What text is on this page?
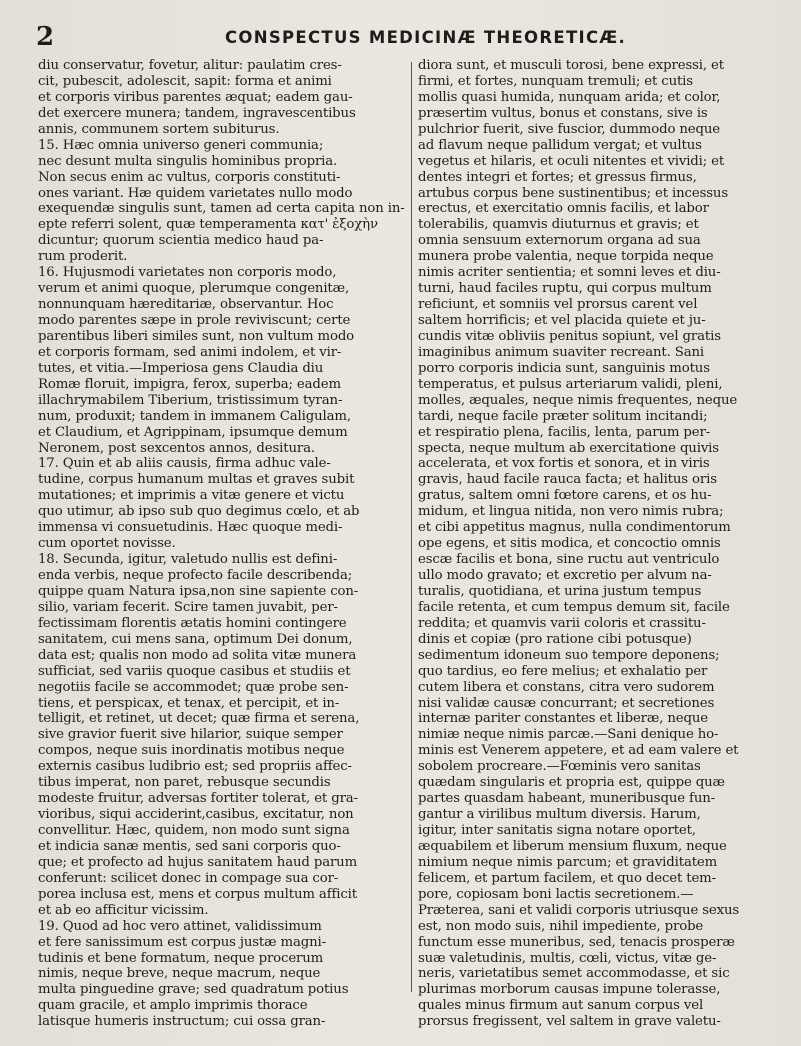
2	CONSPECTUS MEDICINÆ THEORETICÆ.
diu conservatur, fovetur, alitur: paulatim cres-
cit, pubescit, adolescit, sapit: forma et animi
et corporis viribus parentes æquat; eadem gau-
det exercere munera; tandem, ingravescentibus
annis, communem sortem subiturus.
15. Hæc omnia universo generi communia;
nec desunt multa singulis hominibus propria.
Non secus enim ac vultus, corporis constituti-
ones variant. Hæ quidem varietates nullo modo
exequendæ singulis sunt, tamen ad certa capita non in-
epte referri solent, quæ temperamenta κατ' ἐξοχὴν
dicuntur; quorum scientia medico haud pa-
rum proderit.
16. Hujusmodi varietates non corporis modo,
verum et animi quoque, plerumque congenitæ,
nonnunquam hæreditariæ, observantur. Hoc
modo parentes sæpe in prole reviviscunt; certe
parentibus liberi similes sunt, non vultum modo
et corporis formam, sed animi indolem, et vir-
tutes, et vitia.—Imperiosa gens Claudia diu
Romæ floruit, impigra, ferox, superba; eadem
illachrymabilem Tiberium, tristissimum tyran-
num, produxit; tandem in immanem Caligulam,
et Claudium, et Agrippinam, ipsumque demum
Neronem, post sexcentos annos, desitura.
17. Quin et ab aliis causis, firma adhuc vale-
tudine, corpus humanum multas et graves subit
mutationes; et imprimis a vitæ genere et victu
quo utimur, ab ipso sub quo degimus cœlo, et ab
immensa vi consuetudinis. Hæc quoque medi-
cum oportet novisse.
18. Secunda, igitur, valetudo nullis est defini-
enda verbis, neque profecto facile describenda;
quippe quam Natura ipsa,non sine sapiente con-
silio, variam fecerit. Scire tamen juvabit, per-
fectissimam florentis ætatis homini contingere
sanitatem, cui mens sana, optimum Dei donum,
data est; qualis non modo ad solita vitæ munera
sufficiat, sed variis quoque casibus et studiis et
negotiis facile se accommodet; quæ probe sen-
tiens, et perspicax, et tenax, et percipit, et in-
telligit, et retinet, ut decet; quæ firma et serena,
sive gravior fuerit sive hilarior, suique semper
compos, neque suis inordinatis motibus neque
externis casibus ludibrio est; sed propriis affec-
tibus imperat, non paret, rebusque secundis
modeste fruitur, adversas fortiter tolerat, et gra-
vioribus, siqui acciderint,casibus, excitatur, non
convellitur. Hæc, quidem, non modo sunt signa
et indicia sanæ mentis, sed sani corporis quo-
que; et profecto ad hujus sanitatem haud parum
conferunt: scilicet donec in compage sua cor-
porea inclusa est, mens et corpus multum afficit
et ab eo afficitur vicissim.
19. Quod ad hoc vero attinet, validissimum
et fere sanissimum est corpus justæ magni-
tudinis et bene formatum, neque procerum
nimis, neque breve, neque macrum, neque
multa pinguedine grave; sed quadratum potius
quam gracile, et amplo imprimis thorace
latisque humeris instructum; cui ossa gran-
diora sunt, et musculi torosi, bene expressi, et
firmi, et fortes, nunquam tremuli; et cutis
mollis quasi humida, nunquam arida; et color,
præsertim vultus, bonus et constans, sive is
pulchrior fuerit, sive fuscior, dummodo neque
ad flavum neque pallidum vergat; et vultus
vegetus et hilaris, et oculi nitentes et vividi; et
dentes integri et fortes; et gressus firmus,
artubus corpus bene sustinentibus; et incessus
erectus, et exercitatio omnis facilis, et labor
tolerabilis, quamvis diuturnus et gravis; et
omnia sensuum externorum organa ad sua
munera probe valentia, neque torpida neque
nimis acriter sentientia; et somni leves et diu-
turni, haud faciles ruptu, qui corpus multum
reficiunt, et somniis vel prorsus carent vel
saltem horrificis; et vel placida quiete et ju-
cundis vitæ obliviis penitus sopiunt, vel gratis
imaginibus animum suaviter recreant. Sani
porro corporis indicia sunt, sanguinis motus
temperatus, et pulsus arteriarum validi, pleni,
molles, æquales, neque nimis frequentes, neque
tardi, neque facile præter solitum incitandi;
et respiratio plena, facilis, lenta, parum per-
specta, neque multum ab exercitatione quivis
accelerata, et vox fortis et sonora, et in viris
gravis, haud facile rauca facta; et halitus oris
gratus, saltem omni fœtore carens, et os hu-
midum, et lingua nitida, non vero nimis rubra;
et cibi appetitus magnus, nulla condimentorum
ope egens, et sitis modica, et concoctio omnis
escæ facilis et bona, sine ructu aut ventriculo
ullo modo gravato; et excretio per alvum na-
turalis, quotidiana, et urina justum tempus
facile retenta, et cum tempus demum sit, facile
reddita; et quamvis varii coloris et crassitu-
dinis et copiæ (pro ratione cibi potusque)
sedimentum idoneum suo tempore deponens;
quo tardius, eo fere melius; et exhalatio per
cutem libera et constans, citra vero sudorem
nisi validæ causæ concurrant; et secretiones
internæ pariter constantes et liberæ, neque
nimiæ neque nimis parcæ.—Sani denique ho-
minis est Venerem appetere, et ad eam valere et
sobolem procreare.—Fœminis vero sanitas
quædam singularis et propria est, quippe quæ
partes quasdam habeant, muneribusque fun-
gantur a virilibus multum diversis. Harum,
igitur, inter sanitatis signa notare oportet,
æquabilem et liberum mensium fluxum, neque
nimium neque nimis parcum; et graviditatem
felicem, et partum facilem, et quo decet tem-
pore, copiosam boni lactis secretionem.—
Præterea, sani et validi corporis utriusque sexus
est, non modo suis, nihil impediente, probe
functum esse muneribus, sed, tenacis prosperæ
suæ valetudinis, multis, cœli, victus, vitæ ge-
neris, varietatibus semet accommodasse, et sic
plurimas morborum causas impune tolerasse,
quales minus firmum aut sanum corpus vel
prorsus fregissent, vel saltem in grave valetu-
